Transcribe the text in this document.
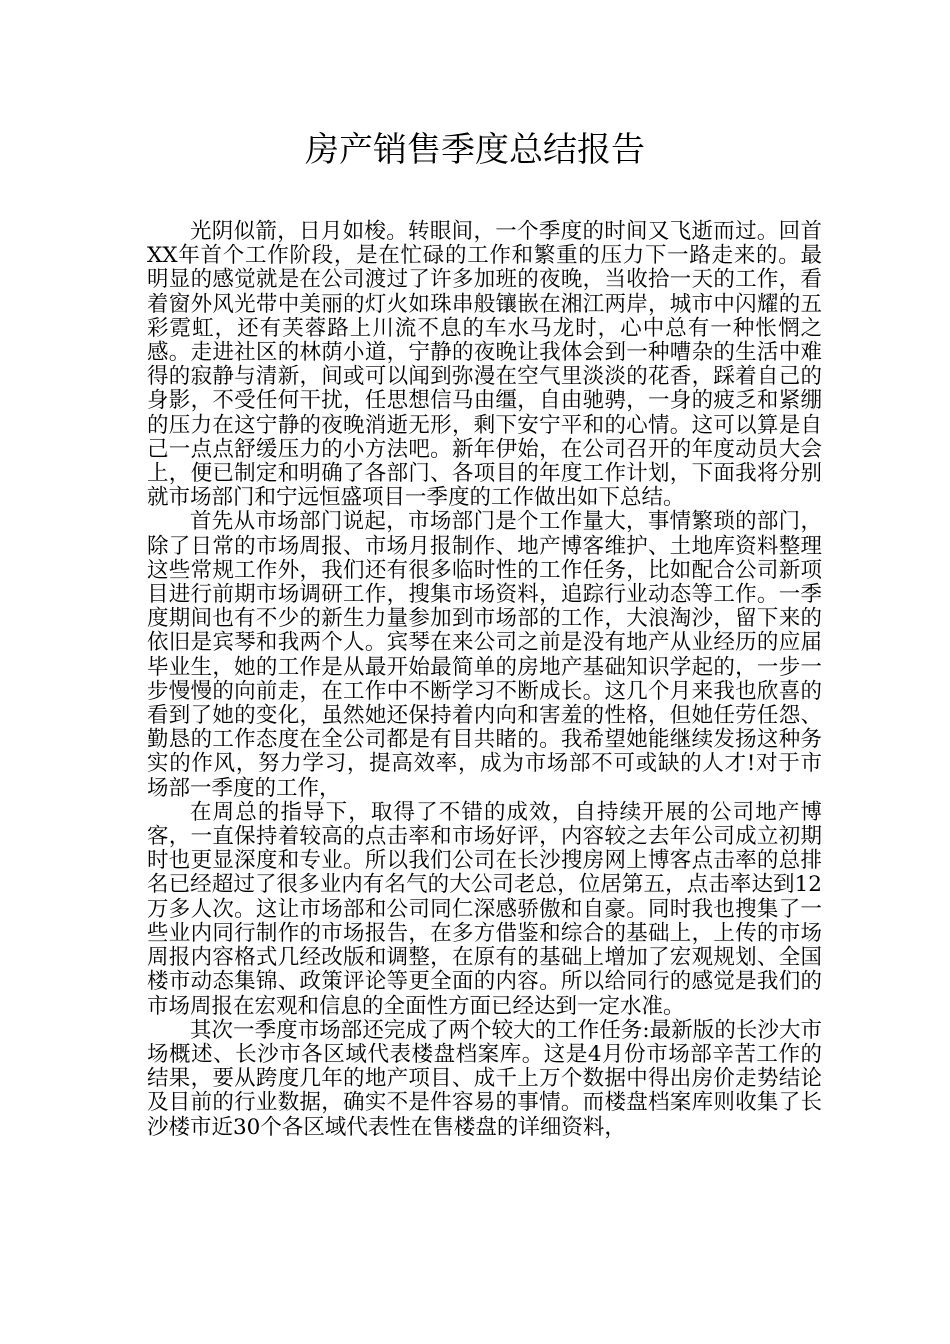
房产销售季度总结报告

光阴似箭，日月如梭。转眼间，一个季度的时间又飞逝而过。回首XX年首个工作阶段，是在忙碌的工作和繁重的压力下一路走来的。最明显的感觉就是在公司渡过了许多加班的夜晚，当收拾一天的工作，看着窗外风光带中美丽的灯火如珠串般镶嵌在湘江两岸，城市中闪耀的五彩霓虹，还有芙蓉路上川流不息的车水马龙时，心中总有一种怅惘之感。走进社区的林荫小道，宁静的夜晚让我体会到一种嘈杂的生活中难得的寂静与清新，间或可以闻到弥漫在空气里淡淡的花香，踩着自己的身影，不受任何干扰，任思想信马由缰，自由驰骋，一身的疲乏和紧绷的压力在这宁静的夜晚消逝无形，剩下安宁平和的心情。这可以算是自己一点点舒缓压力的小方法吧。新年伊始，在公司召开的年度动员大会上，便已制定和明确了各部门、各项目的年度工作计划，下面我将分别就市场部门和宁远恒盛项目一季度的工作做出如下总结。

首先从市场部门说起，市场部门是个工作量大，事情繁琐的部门，除了日常的市场周报、市场月报制作、地产博客维护、土地库资料整理这些常规工作外，我们还有很多临时性的工作任务，比如配合公司新项目进行前期市场调研工作，搜集市场资料，追踪行业动态等工作。一季度期间也有不少的新生力量参加到市场部的工作，大浪淘沙，留下来的依旧是宾琴和我两个人。宾琴在来公司之前是没有地产从业经历的应届毕业生，她的工作是从最开始最简单的房地产基础知识学起的，一步一步慢慢的向前走，在工作中不断学习不断成长。这几个月来我也欣喜的看到了她的变化，虽然她还保持着内向和害羞的性格，但她任劳任怨、勤恳的工作态度在全公司都是有目共睹的。我希望她能继续发扬这种务实的作风，努力学习，提高效率，成为市场部不可或缺的人才!对于市场部一季度的工作，

在周总的指导下，取得了不错的成效，自持续开展的公司地产博客，一直保持着较高的点击率和市场好评，内容较之去年公司成立初期时也更显深度和专业。所以我们公司在长沙搜房网上博客点击率的总排名已经超过了很多业内有名气的大公司老总，位居第五，点击率达到12万多人次。这让市场部和公司同仁深感骄傲和自豪。同时我也搜集了一些业内同行制作的市场报告，在多方借鉴和综合的基础上，上传的市场周报内容格式几经改版和调整，在原有的基础上增加了宏观规划、全国楼市动态集锦、政策评论等更全面的内容。所以给同行的感觉是我们的市场周报在宏观和信息的全面性方面已经达到一定水准。

其次一季度市场部还完成了两个较大的工作任务:最新版的长沙大市场概述、长沙市各区域代表楼盘档案库。这是4月份市场部辛苦工作的结果，要从跨度几年的地产项目、成千上万个数据中得出房价走势结论及目前的行业数据，确实不是件容易的事情。而楼盘档案库则收集了长沙楼市近30个各区域代表性在售楼盘的详细资料，
